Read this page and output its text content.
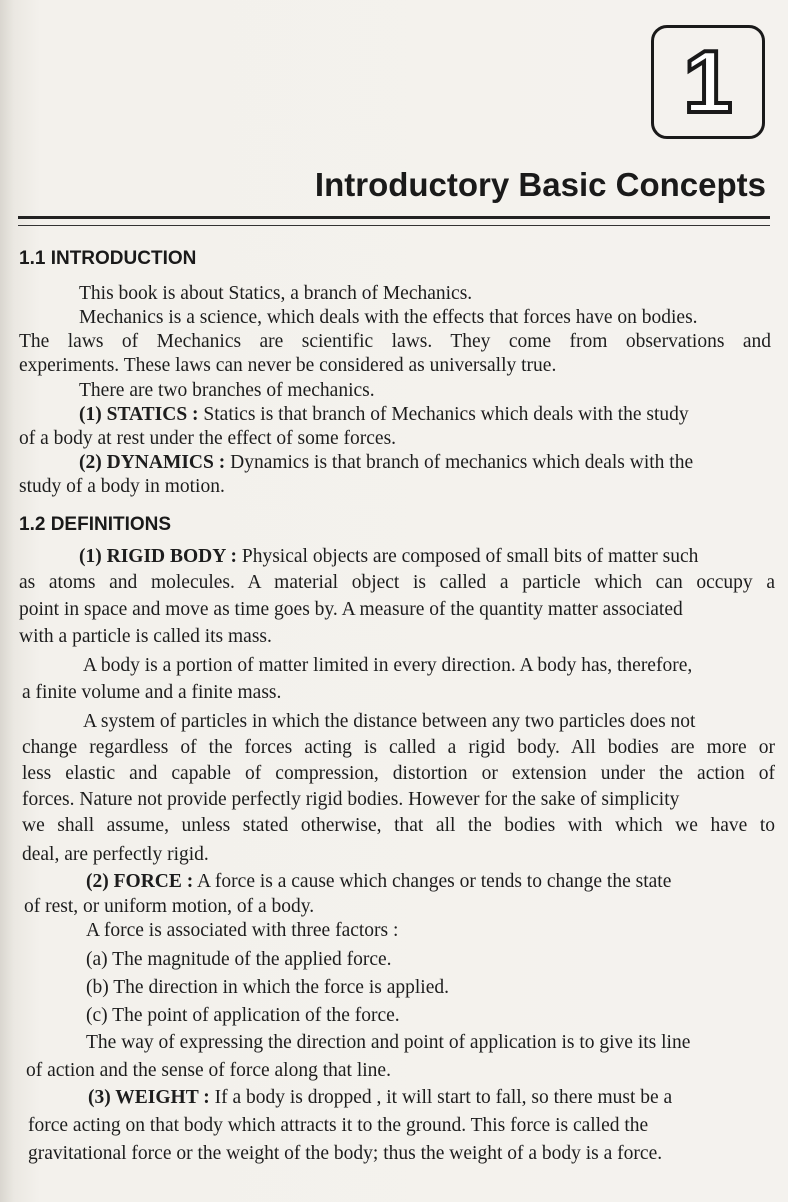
1
Introductory Basic Concepts
1.1 INTRODUCTION
This book is about Statics, a branch of Mechanics.
Mechanics is a science, which deals with the effects that forces have on bodies.
The laws of Mechanics are scientific laws. They come from observations and
experiments. These laws can never be considered as universally true.
There are two branches of mechanics.
(1) STATICS : Statics is that branch of Mechanics which deals with the study
of a body at rest under the effect of some forces.
(2) DYNAMICS : Dynamics is that branch of mechanics which deals with the
study of a body in motion.
1.2 DEFINITIONS
(1) RIGID BODY : Physical objects are composed of small bits of matter such
as atoms and molecules. A material object is called a particle which can occupy a
point in space and move as time goes by. A measure of the quantity matter associated
with a particle is called its mass.
A body is a portion of matter limited in every direction. A body has, therefore,
a finite volume and a finite mass.
A system of particles in which the distance between any two particles does not
change regardless of the forces acting is called a rigid body. All bodies are more or
less elastic and capable of compression, distortion or extension under the action of
forces. Nature not provide perfectly rigid bodies. However for the sake of simplicity
we shall assume, unless stated otherwise, that all the bodies with which we have to
deal, are perfectly rigid.
(2) FORCE : A force is a cause which changes or tends to change the state
of rest, or uniform motion, of a body.
A force is associated with three factors :
(a) The magnitude of the applied force.
(b) The direction in which the force is applied.
(c) The point of application of the force.
The way of expressing the direction and point of application is to give its line
of action and the sense of force along that line.
(3) WEIGHT : If a body is dropped , it will start to fall, so there must be a
force acting on that body which attracts it to the ground. This force is called the
gravitational force or the weight of the body; thus the weight of a body is a force.
